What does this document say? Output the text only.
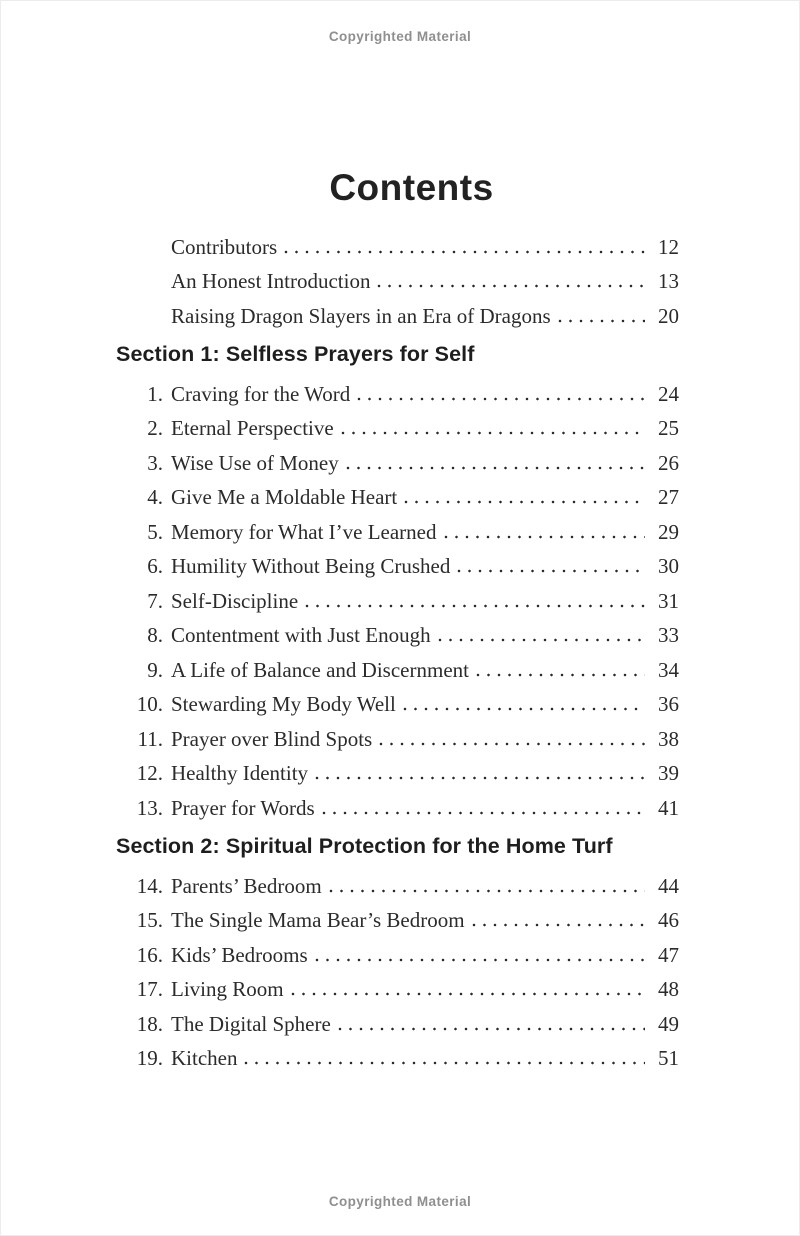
Copyrighted Material
Contents
Contributors	12
An Honest Introduction	13
Raising Dragon Slayers in an Era of Dragons	20
Section 1: Selfless Prayers for Self
1. Craving for the Word	24
2. Eternal Perspective	25
3. Wise Use of Money	26
4. Give Me a Moldable Heart	27
5. Memory for What I’ve Learned	29
6. Humility Without Being Crushed	30
7. Self-Discipline	31
8. Contentment with Just Enough	33
9. A Life of Balance and Discernment	34
10. Stewarding My Body Well	36
11. Prayer over Blind Spots	38
12. Healthy Identity	39
13. Prayer for Words	41
Section 2: Spiritual Protection for the Home Turf
14. Parents’ Bedroom	44
15. The Single Mama Bear’s Bedroom	46
16. Kids’ Bedrooms	47
17. Living Room	48
18. The Digital Sphere	49
19. Kitchen	51
Copyrighted Material
